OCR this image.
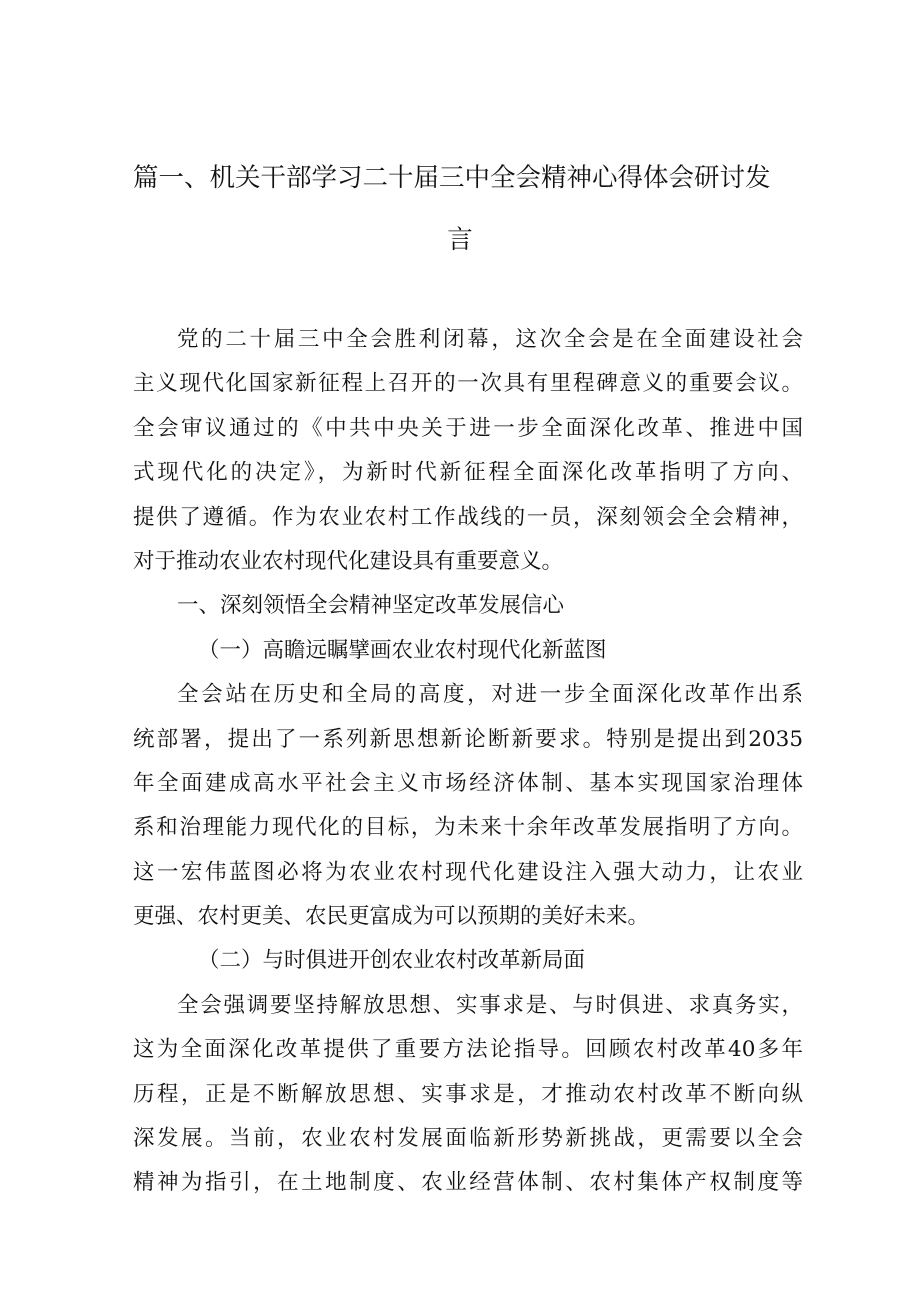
篇一、机关干部学习二十届三中全会精神心得体会研讨发
言
党的二十届三中全会胜利闭幕，这次全会是在全面建设社会
主义现代化国家新征程上召开的一次具有里程碑意义的重要会议。
全会审议通过的《中共中央关于进一步全面深化改革、推进中国
式现代化的决定》，为新时代新征程全面深化改革指明了方向、
提供了遵循。作为农业农村工作战线的一员，深刻领会全会精神，
对于推动农业农村现代化建设具有重要意义。
一、深刻领悟全会精神坚定改革发展信心
（一）高瞻远瞩擘画农业农村现代化新蓝图
全会站在历史和全局的高度，对进一步全面深化改革作出系
统部署，提出了一系列新思想新论断新要求。特别是提出到2035
年全面建成高水平社会主义市场经济体制、基本实现国家治理体
系和治理能力现代化的目标，为未来十余年改革发展指明了方向。
这一宏伟蓝图必将为农业农村现代化建设注入强大动力，让农业
更强、农村更美、农民更富成为可以预期的美好未来。
（二）与时俱进开创农业农村改革新局面
全会强调要坚持解放思想、实事求是、与时俱进、求真务实，
这为全面深化改革提供了重要方法论指导。回顾农村改革40多年
历程，正是不断解放思想、实事求是，才推动农村改革不断向纵
深发展。当前，农业农村发展面临新形势新挑战，更需要以全会
精神为指引，在土地制度、农业经营体制、农村集体产权制度等
